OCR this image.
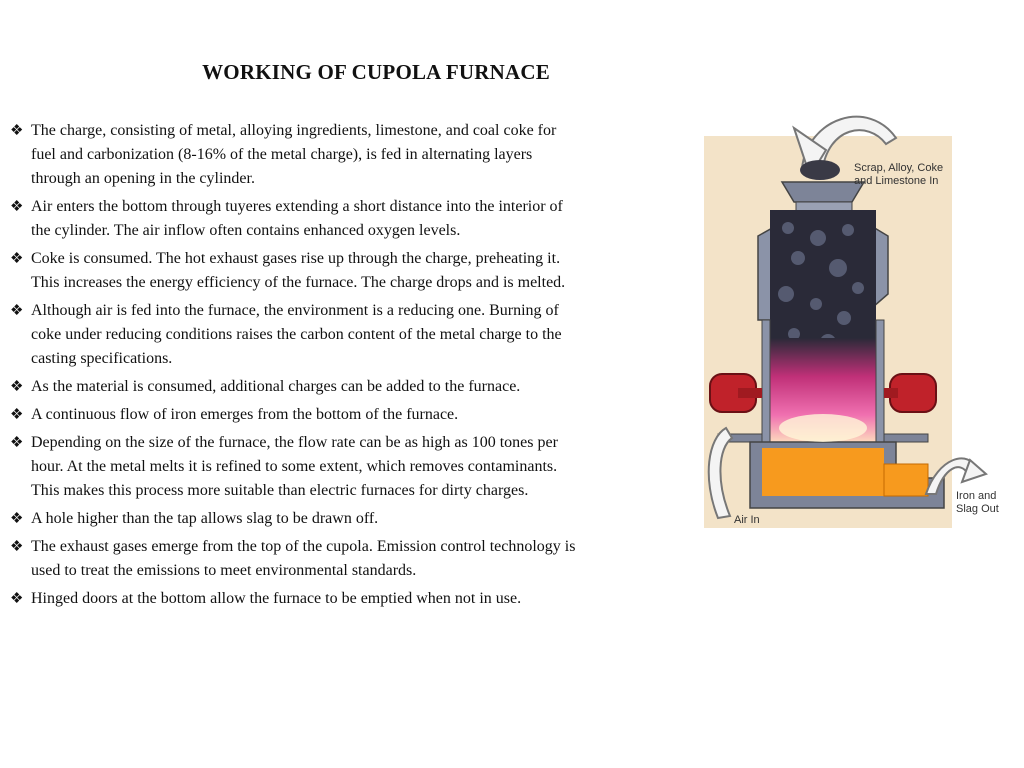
WORKING OF CUPOLA FURNACE
❖ The charge, consisting of metal, alloying ingredients, limestone, and coal coke for
fuel and carbonization (8-16% of the metal charge), is fed in alternating layers
through an opening in the cylinder.
❖ Air enters the bottom through tuyeres extending a short distance into the interior of
the cylinder. The air inflow often contains enhanced oxygen levels.
❖ Coke is consumed. The hot exhaust gases rise up through the charge, preheating it.
This increases the energy efficiency of the furnace. The charge drops and is melted.
❖ Although air is fed into the furnace, the environment is a reducing one. Burning of
coke under reducing conditions raises the carbon content of the metal charge to the
casting specifications.
❖ As the material is consumed, additional charges can be added to the furnace.
❖ A continuous flow of iron emerges from the bottom of the furnace.
❖ Depending on the size of the furnace, the flow rate can be as high as 100 tones per
hour. At the metal melts it is refined to some extent, which removes contaminants.
This makes this process more suitable than electric furnaces for dirty charges.
❖ A hole higher than the tap allows slag to be drawn off.
❖ The exhaust gases emerge from the top of the cupola. Emission control technology is
used to treat the emissions to meet environmental standards.
❖ Hinged doors at the bottom allow the furnace to be emptied when not in use.
Scrap, Alloy, Coke
and Limestone In
Air In
Iron and
Slag Out
